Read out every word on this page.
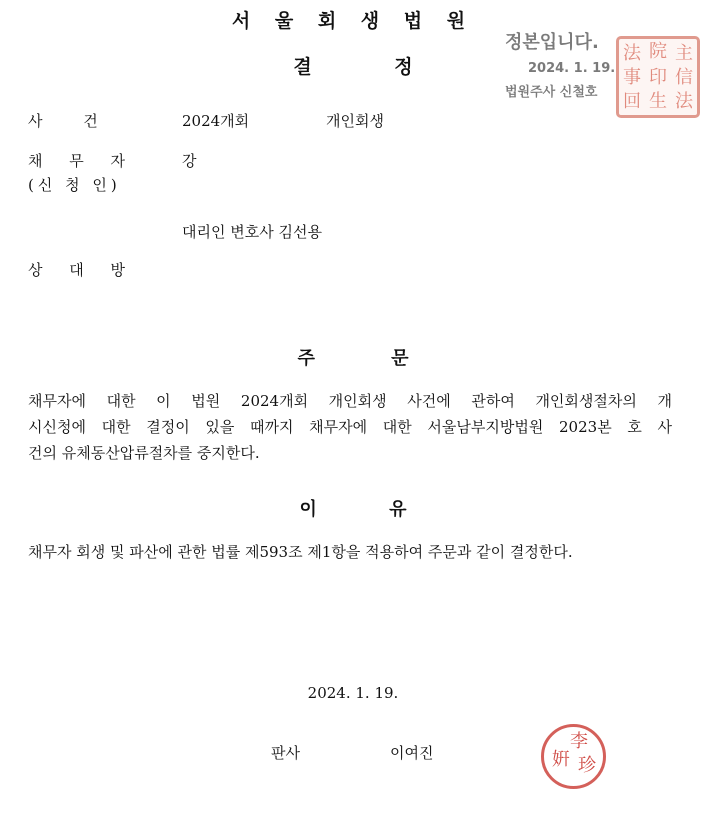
서 울 회 생 법 원
결 정
정본입니다.
2024. 1. 19.
법원주사 신철호
法 院 主
事 印 信
回 生 法
사 건	2024개회	개인회생
채 무 자	강
(신 청 인)
대리인 변호사 김선용
상 대 방
주 문
채무자에 대한 이 법원 2024개회 개인회생 사건에 관하여 개인회생절차의 개
시신청에 대한 결정이 있을 때까지 채무자에 대한 서울남부지방법원 2023본 호 사
건의 유체동산압류절차를 중지한다.
이 유
채무자 회생 및 파산에 관한 법률 제593조 제1항을 적용하여 주문과 같이 결정한다.
2024. 1. 19.
판사	이여진
李
姸 珍
